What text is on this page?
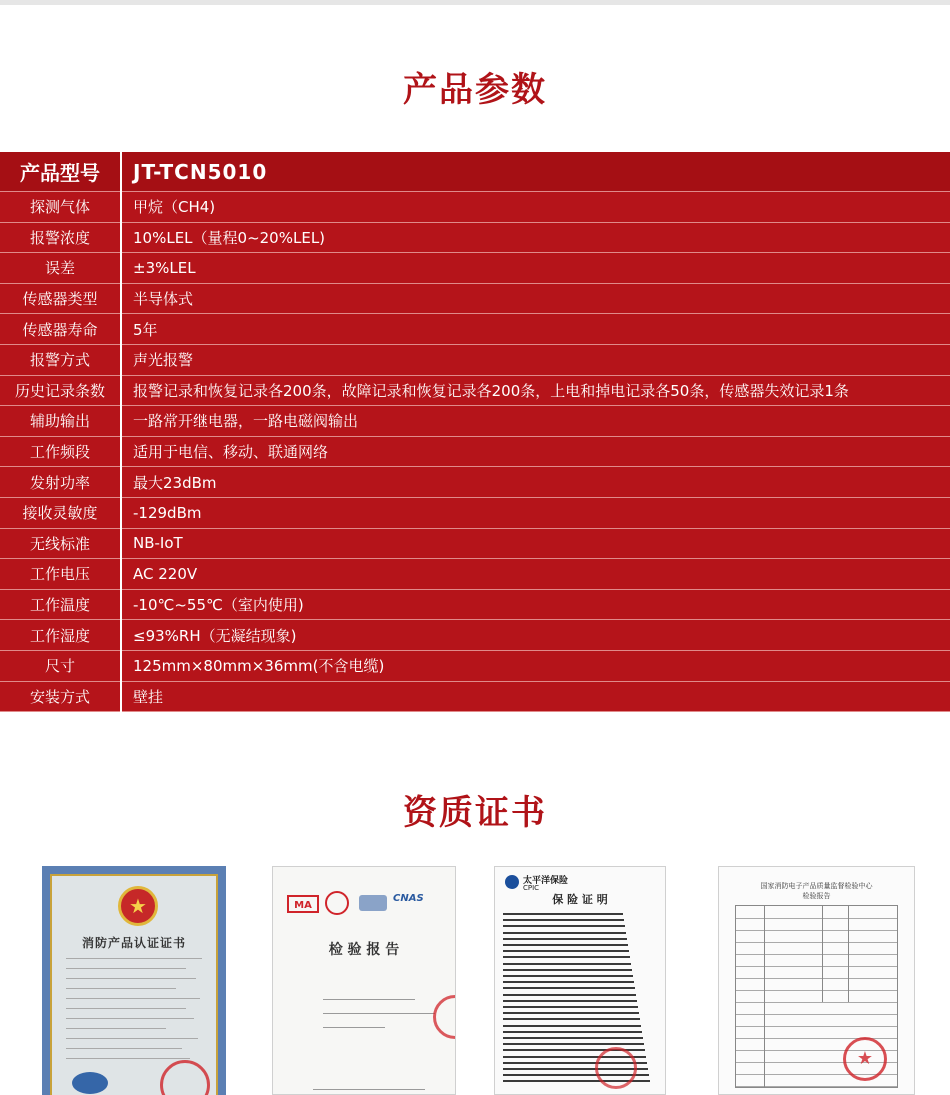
产品参数
产品型号	JT-TCN5010
探测气体	甲烷（CH4)
报警浓度	10%LEL（量程0~20%LEL)
误差	±3%LEL
传感器类型	半导体式
传感器寿命	5年
报警方式	声光报警
历史记录条数	报警记录和恢复记录各200条，故障记录和恢复记录各200条，上电和掉电记录各50条，传感器失效记录1条
辅助输出	一路常开继电器，一路电磁阀输出
工作频段	适用于电信、移动、联通网络
发射功率	最大23dBm
接收灵敏度	-129dBm
无线标准	NB-IoT
工作电压	AC 220V
工作温度	-10℃~55℃（室内使用)
工作湿度	≤93%RH（无凝结现象)
尺寸	125mm×80mm×36mm(不含电缆)
安装方式	壁挂
资质证书
★
消防产品认证证书
MA
CNAS
检 验 报 告
太平洋保险
CPIC
保 险 证 明
国家消防电子产品质量监督检验中心
检验报告
★
